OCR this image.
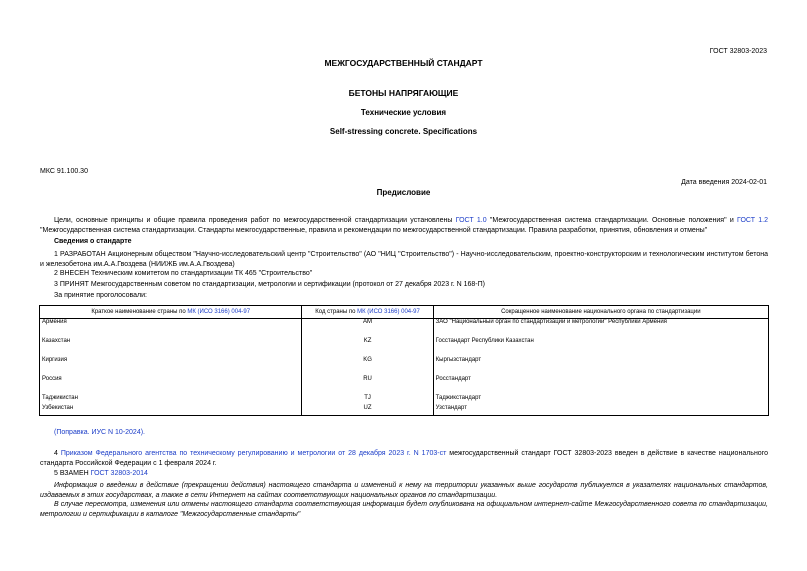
ГОСТ 32803-2023
МЕЖГОСУДАРСТВЕННЫЙ СТАНДАРТ
БЕТОНЫ НАПРЯГАЮЩИЕ
Технические условия
Self-stressing concrete. Specifications
МКС 91.100.30
Дата введения 2024-02-01
Предисловие
Цели, основные принципы и общие правила проведения работ по межгосударственной стандартизации установлены ГОСТ 1.0 "Межгосударственная система стандартизации. Основные положения" и ГОСТ 1.2 "Межгосударственная система стандартизации. Стандарты межгосударственные, правила и рекомендации по межгосударственной стандартизации. Правила разработки, принятия, обновления и отмены"
Сведения о стандарте
1 РАЗРАБОТАН Акционерным обществом "Научно-исследовательский центр "Строительство" (АО "НИЦ "Строительство") - Научно-исследовательским, проектно-конструкторским и технологическим институтом бетона и железобетона им.А.А.Гвоздева (НИИЖБ им.А.А.Гвоздева)
2 ВНЕСЕН Техническим комитетом по стандартизации ТК 465 "Строительство"
3 ПРИНЯТ Межгосударственным советом по стандартизации, метрологии и сертификации (протокол от 27 декабря 2023 г. N 168-П)
За принятие проголосовали:
Краткое наименование страны по МК (ИСО 3166) 004-97	Код страны по МК (ИСО 3166) 004-97	Сокращенное наименование национального органа по стандартизации
Армения	AM	ЗАО "Национальный орган по стандартизации и метрологии" Республики Армения
Казахстан	KZ	Госстандарт Республики Казахстан
Киргизия	KG	Кыргызстандарт
Россия	RU	Росстандарт
Таджикистан	TJ	Таджикстандарт
Узбекистан	UZ	Узстандарт
(Поправка. ИУС N 10-2024).
4 Приказом Федерального агентства по техническому регулированию и метрологии от 28 декабря 2023 г. N 1703-ст межгосударственный стандарт ГОСТ 32803-2023 введен в действие в качестве национального стандарта Российской Федерации с 1 февраля 2024 г.
5 ВЗАМЕН ГОСТ 32803-2014
Информация о введении в действие (прекращении действия) настоящего стандарта и изменений к нему на территории указанных выше государств публикуется в указателях национальных стандартов, издаваемых в этих государствах, а также в сети Интернет на сайтах соответствующих национальных органов по стандартизации.
В случае пересмотра, изменения или отмены настоящего стандарта соответствующая информация будет опубликована на официальном интернет-сайте Межгосударственного совета по стандартизации, метрологии и сертификации в каталоге "Межгосударственные стандарты"
